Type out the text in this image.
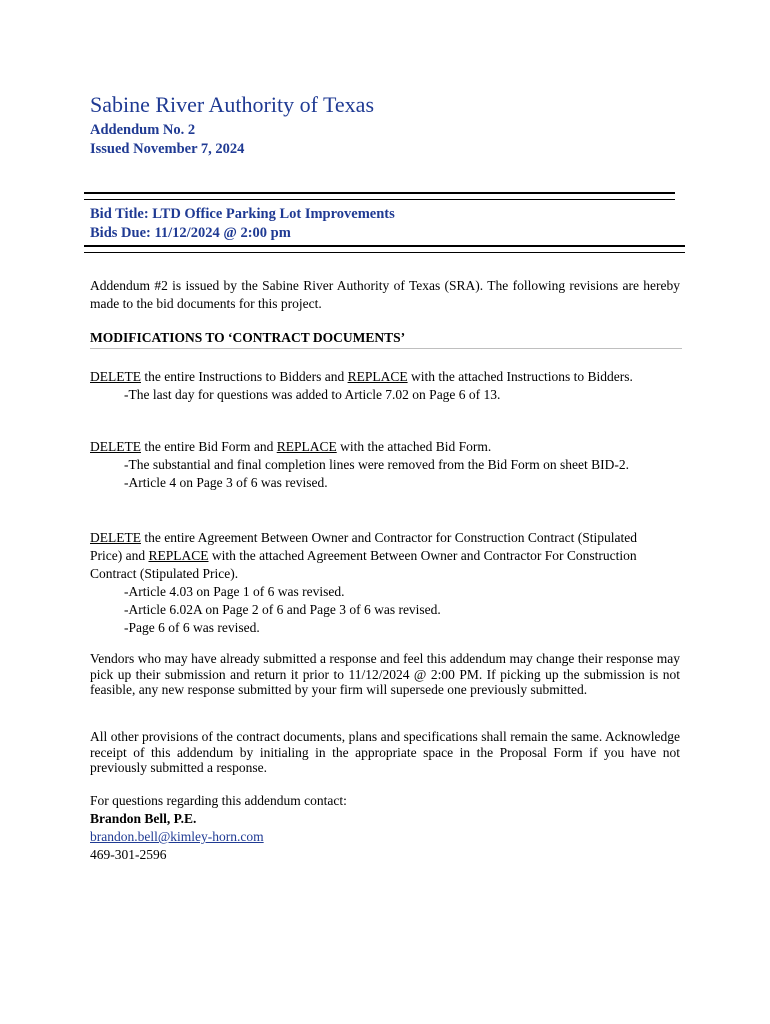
Sabine River Authority of Texas
Addendum No. 2
Issued November 7, 2024
Bid Title: LTD Office Parking Lot Improvements
Bids Due: 11/12/2024 @ 2:00 pm

Addendum #2 is issued by the Sabine River Authority of Texas (SRA). The following revisions are hereby made to the bid documents for this project.

MODIFICATIONS TO ‘CONTRACT DOCUMENTS’
DELETE the entire Instructions to Bidders and REPLACE with the attached Instructions to Bidders.
-The last day for questions was added to Article 7.02 on Page 6 of 13.
DELETE the entire Bid Form and REPLACE with the attached Bid Form.
-The substantial and final completion lines were removed from the Bid Form on sheet BID-2.
-Article 4 on Page 3 of 6 was revised.
DELETE the entire Agreement Between Owner and Contractor for Construction Contract (Stipulated Price) and REPLACE with the attached Agreement Between Owner and Contractor For Construction Contract (Stipulated Price).
-Article 4.03 on Page 1 of 6 was revised.
-Article 6.02A on Page 2 of 6 and Page 3 of 6 was revised.
-Page 6 of 6 was revised.

Vendors who may have already submitted a response and feel this addendum may change their response may pick up their submission and return it prior to 11/12/2024 @ 2:00 PM. If picking up the submission is not feasible, any new response submitted by your firm will supersede one previously submitted.

All other provisions of the contract documents, plans and specifications shall remain the same. Acknowledge receipt of this addendum by initialing in the appropriate space in the Proposal Form if you have not previously submitted a response.

For questions regarding this addendum contact:
Brandon Bell, P.E.
brandon.bell@kimley-horn.com
469-301-2596
